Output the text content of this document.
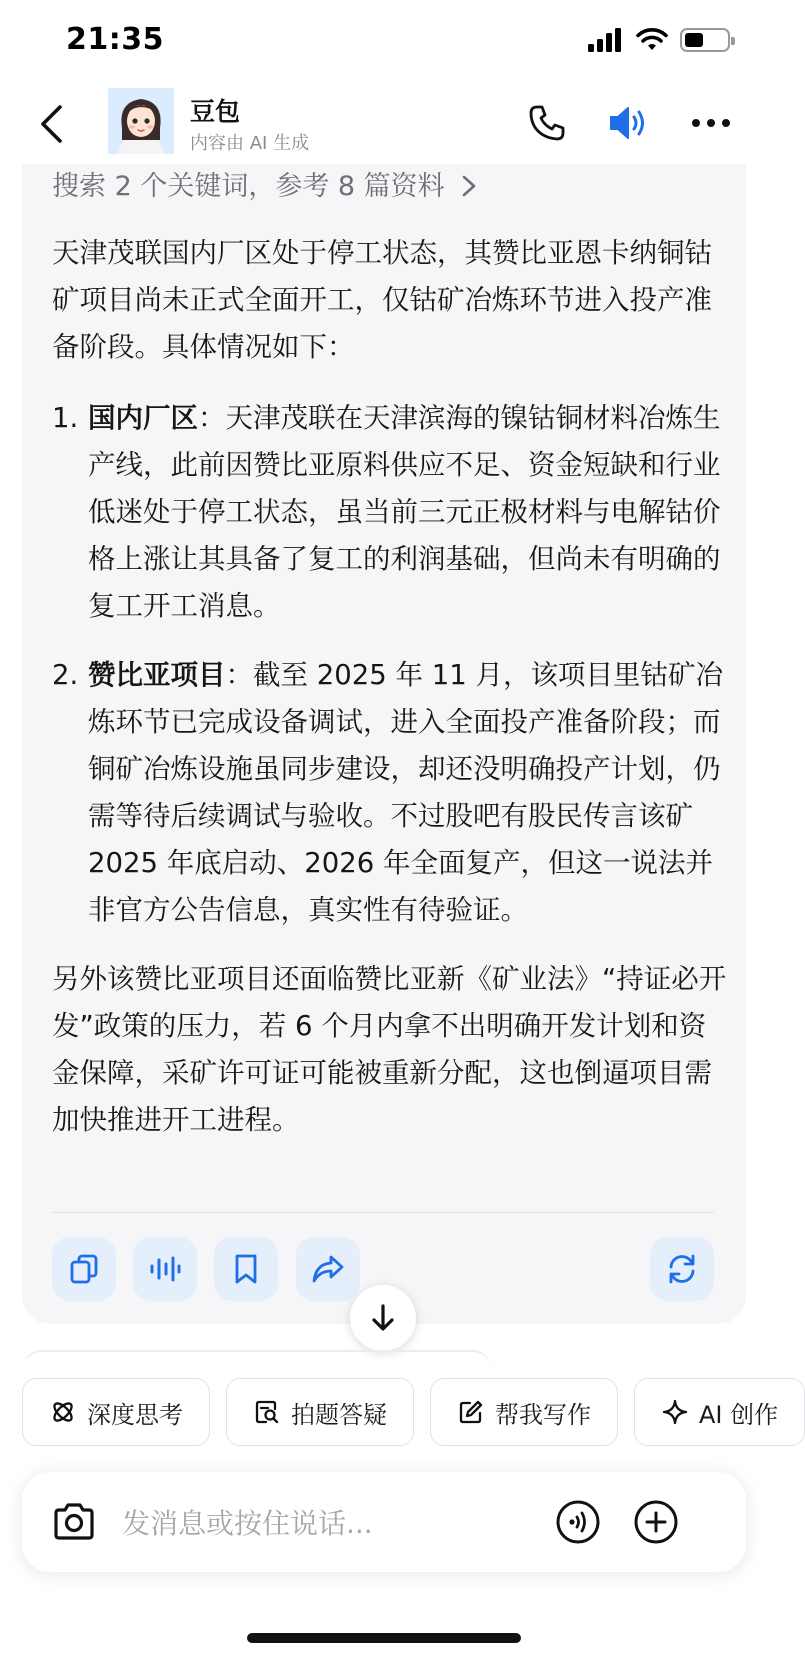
21:35
豆包
内容由 AI 生成
搜索 2 个关键词，参考 8 篇资料

天津茂联国内厂区处于停工状态，其赞比亚恩卡纳铜钴矿项目尚未正式全面开工，仅钴矿冶炼环节进入投产准备阶段。具体情况如下：

1. 国内厂区：天津茂联在天津滨海的镍钴铜材料冶炼生产线，此前因赞比亚原料供应不足、资金短缺和行业低迷处于停工状态，虽当前三元正极材料与电解钴价格上涨让其具备了复工的利润基础，但尚未有明确的复工开工消息。
2. 赞比亚项目：截至 2025 年 11 月，该项目里钴矿冶炼环节已完成设备调试，进入全面投产准备阶段；而铜矿冶炼设施虽同步建设，却还没明确投产计划，仍需等待后续调试与验收。不过股吧有股民传言该矿 2025 年底启动、2026 年全面复产，但这一说法并非官方公告信息，真实性有待验证。

另外该赞比亚项目还面临赞比亚新《矿业法》“持证必开发”政策的压力，若 6 个月内拿不出明确开发计划和资金保障，采矿许可证可能被重新分配，这也倒逼项目需加快推进开工进程。

深度思考	拍题答疑	帮我写作	AI 创作
发消息或按住说话...
